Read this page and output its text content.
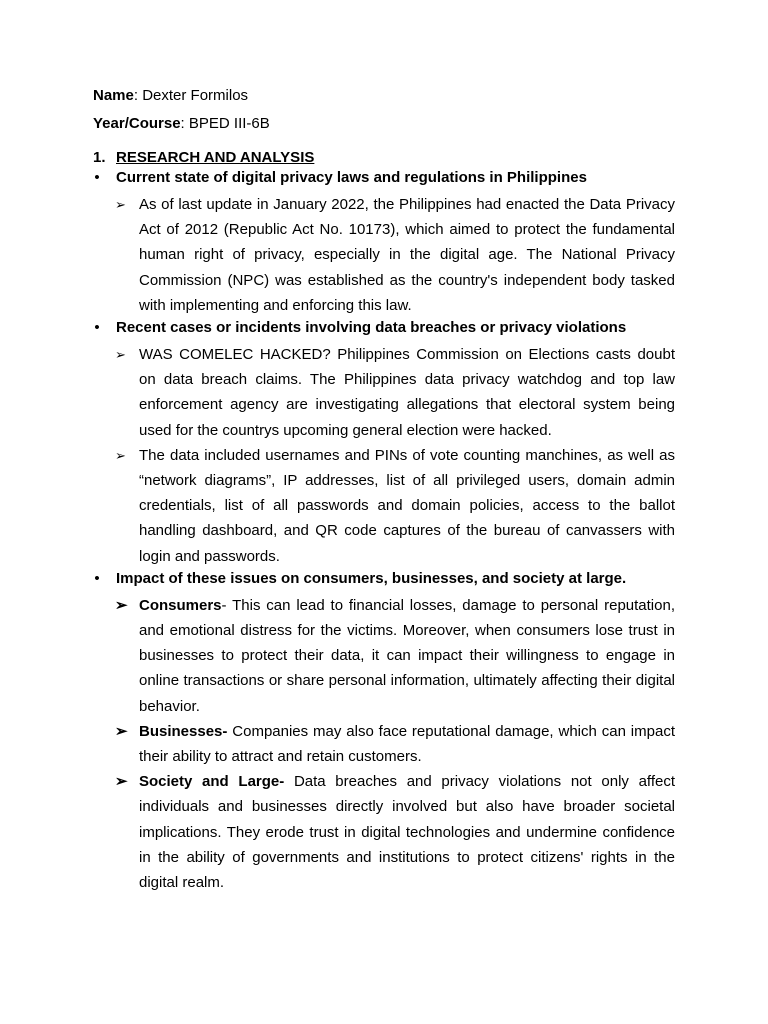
Name: Dexter Formilos

Year/Course: BPED III-6B

1. RESEARCH AND ANALYSIS
• Current state of digital privacy laws and regulations in Philippines
➢ As of last update in January 2022, the Philippines had enacted the Data Privacy Act of 2012 (Republic Act No. 10173), which aimed to protect the fundamental human right of privacy, especially in the digital age. The National Privacy Commission (NPC) was established as the country's independent body tasked with implementing and enforcing this law.
• Recent cases or incidents involving data breaches or privacy violations
➢ WAS COMELEC HACKED? Philippines Commission on Elections casts doubt on data breach claims. The Philippines data privacy watchdog and top law enforcement agency are investigating allegations that electoral system being used for the countrys upcoming general election were hacked.
➢ The data included usernames and PINs of vote counting manchines, as well as “network diagrams”, IP addresses, list of all privileged users, domain admin credentials, list of all passwords and domain policies, access to the ballot handling dashboard, and QR code captures of the bureau of canvassers with login and passwords.
• Impact of these issues on consumers, businesses, and society at large.
➢ Consumers- This can lead to financial losses, damage to personal reputation, and emotional distress for the victims. Moreover, when consumers lose trust in businesses to protect their data, it can impact their willingness to engage in online transactions or share personal information, ultimately affecting their digital behavior.
➢ Businesses- Companies may also face reputational damage, which can impact their ability to attract and retain customers.
➢ Society and Large- Data breaches and privacy violations not only affect individuals and businesses directly involved but also have broader societal implications. They erode trust in digital technologies and undermine confidence in the ability of governments and institutions to protect citizens' rights in the digital realm.
